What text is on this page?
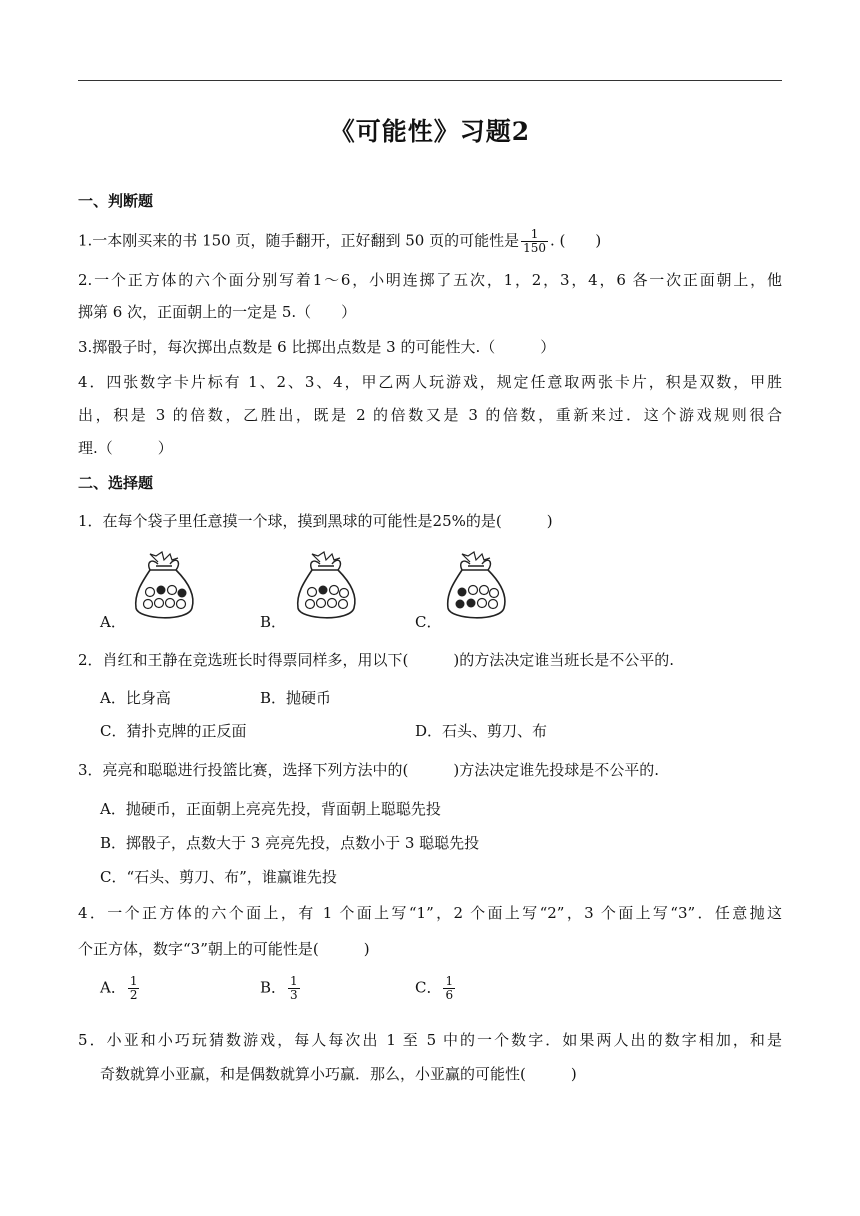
《可能性》习题2
一、判断题
1.一本刚买来的书 150 页，随手翻开，正好翻到 50 页的可能性是 $\frac{1}{150}$ . (　　)
2.一个正方体的六个面分别写着1～6，小明连掷了五次，1，2，3，4，6 各一次正面朝上，他
掷第 6 次，正面朝上的一定是 5.（　　）
3.掷骰子时，每次掷出点数是 6 比掷出点数是 3 的可能性大.（　　　）
4．四张数字卡片标有 1、2、3、4，甲乙两人玩游戏，规定任意取两张卡片，积是双数，甲胜
出，积是 3 的倍数，乙胜出，既是 2 的倍数又是 3 的倍数，重新来过．这个游戏规则很合
理.（　　　）
二、选择题
1．在每个袋子里任意摸一个球，摸到黑球的可能性是25%的是(　　　)
A．	B．	C．
2．肖红和王静在竞选班长时得票同样多，用以下(　　　)的方法决定谁当班长是不公平的.
A．比身高	B．抛硬币
C．猜扑克牌的正反面	D．石头、剪刀、布
3．亮亮和聪聪进行投篮比赛，选择下列方法中的(　　　)方法决定谁先投球是不公平的.
A．抛硬币，正面朝上亮亮先投，背面朝上聪聪先投
B．掷骰子，点数大于 3 亮亮先投，点数小于 3 聪聪先投
C．“石头、剪刀、布”，谁赢谁先投
4．一个正方体的六个面上，有 1 个面上写“1”，2 个面上写“2”，3 个面上写“3”．任意抛这
个正方体，数字“3”朝上的可能性是(　　　)
A． $\frac{1}{2}$	B． $\frac{1}{3}$	C． $\frac{1}{6}$
5．小亚和小巧玩猜数游戏，每人每次出 1 至 5 中的一个数字．如果两人出的数字相加，和是
奇数就算小亚赢，和是偶数就算小巧赢．那么，小亚赢的可能性(　　　)
